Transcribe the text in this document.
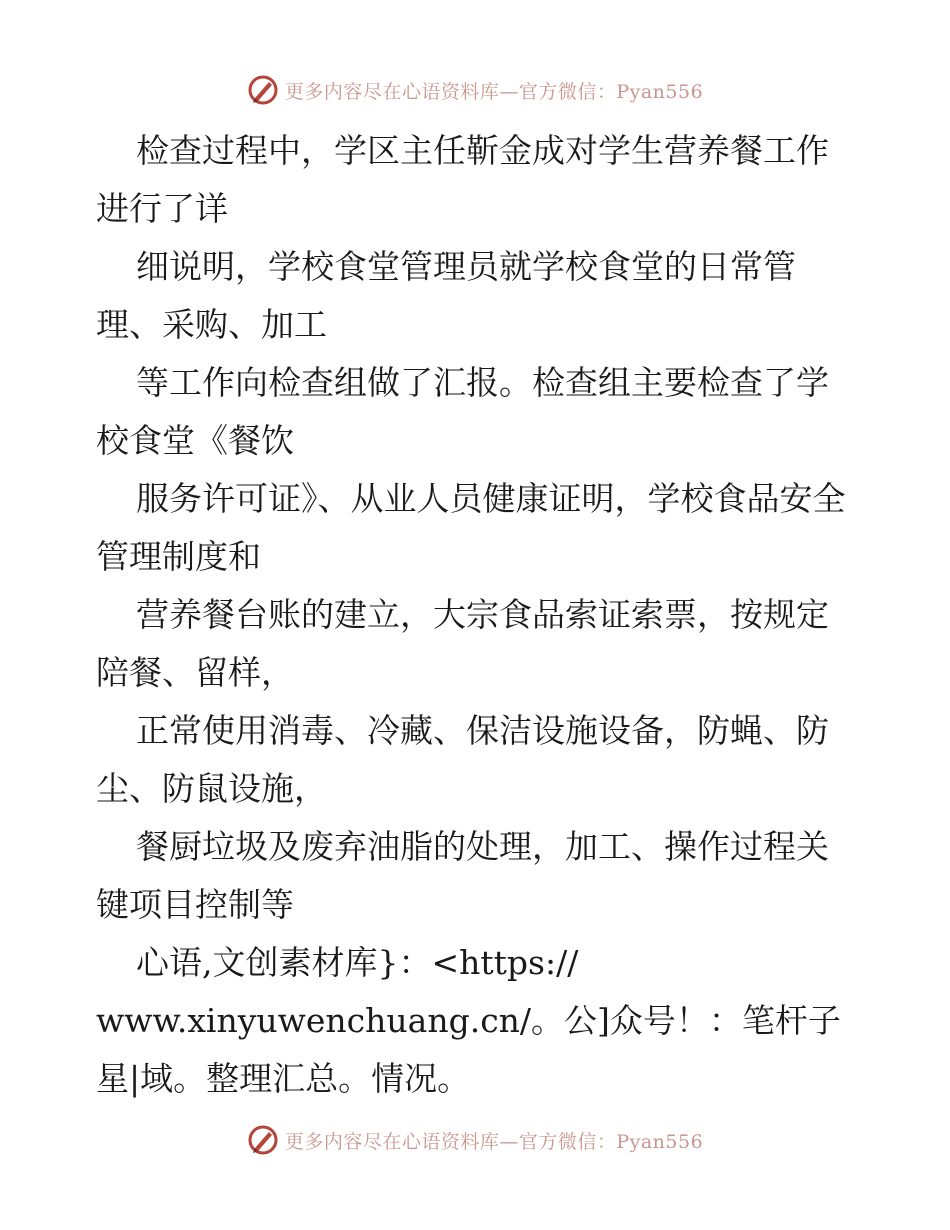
更多内容尽在心语资料库—官方微信：Pyan556

检查过程中，学区主任靳金成对学生营养餐工作进行了详

细说明，学校食堂管理员就学校食堂的日常管理、采购、加工

等工作向检查组做了汇报。检查组主要检查了学校食堂《餐饮

服务许可证》、从业人员健康证明，学校食品安全管理制度和

营养餐台账的建立，大宗食品索证索票，按规定陪餐、留样，

正常使用消毒、冷藏、保洁设施设备，防蝇、防尘、防鼠设施，

餐厨垃圾及废弃油脂的处理，加工、操作过程关键项目控制等

心语,文创素材库}：<https://

www.xinyuwenchuang.cn/。公]众号！：笔杆子星|域。整理汇总。情况。

更多内容尽在心语资料库—官方微信：Pyan556
